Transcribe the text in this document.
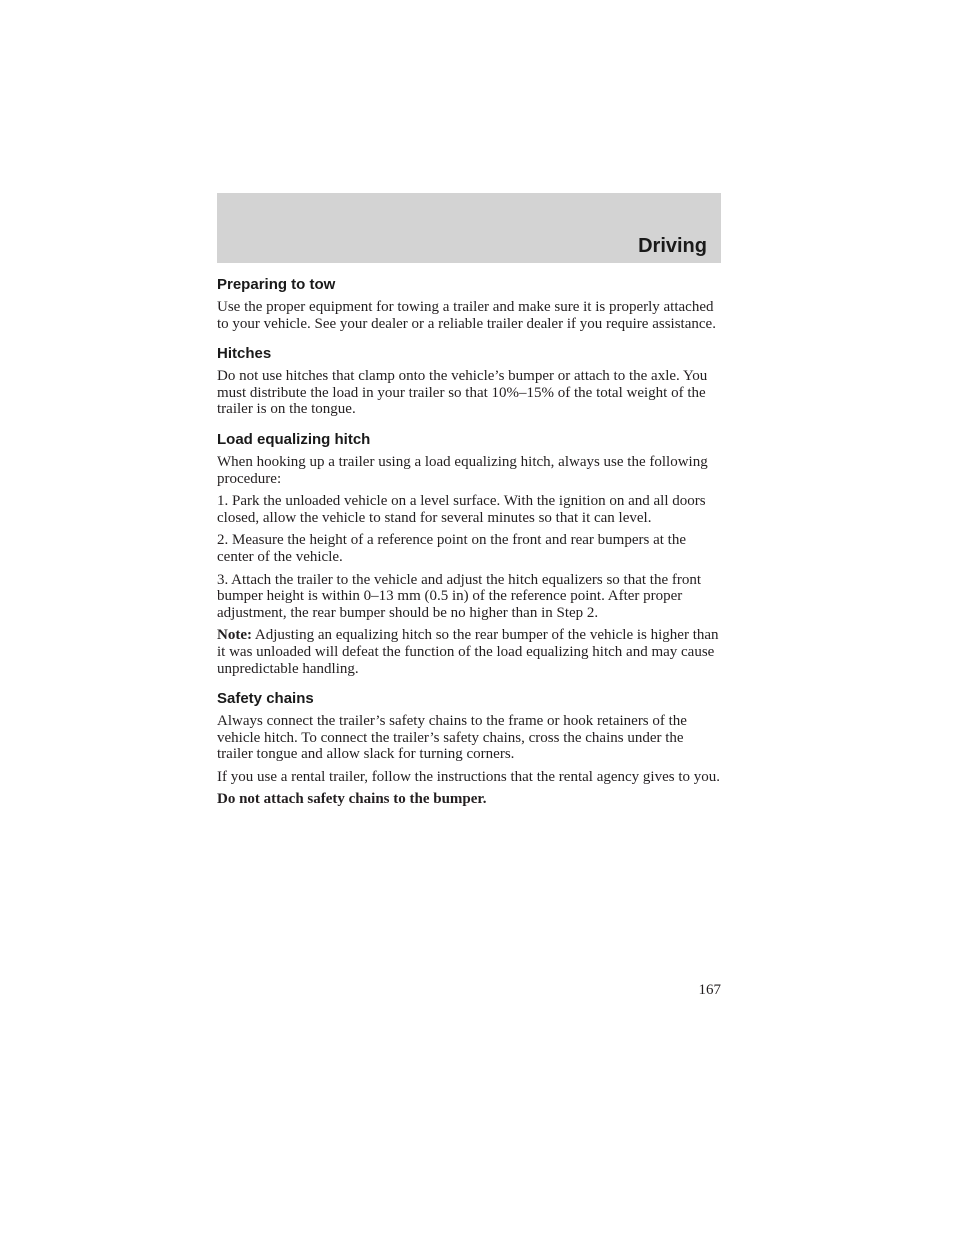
Driving
Preparing to tow

Use the proper equipment for towing a trailer and make sure it is properly attached to your vehicle. See your dealer or a reliable trailer dealer if you require assistance.

Hitches

Do not use hitches that clamp onto the vehicle’s bumper or attach to the axle. You must distribute the load in your trailer so that 10%–15% of the total weight of the trailer is on the tongue.

Load equalizing hitch

When hooking up a trailer using a load equalizing hitch, always use the following procedure:

1. Park the unloaded vehicle on a level surface. With the ignition on and all doors closed, allow the vehicle to stand for several minutes so that it can level.

2. Measure the height of a reference point on the front and rear bumpers at the center of the vehicle.

3. Attach the trailer to the vehicle and adjust the hitch equalizers so that the front bumper height is within 0–13 mm (0.5 in) of the reference point. After proper adjustment, the rear bumper should be no higher than in Step 2.

Note: Adjusting an equalizing hitch so the rear bumper of the vehicle is higher than it was unloaded will defeat the function of the load equalizing hitch and may cause unpredictable handling.

Safety chains

Always connect the trailer’s safety chains to the frame or hook retainers of the vehicle hitch. To connect the trailer’s safety chains, cross the chains under the trailer tongue and allow slack for turning corners.

If you use a rental trailer, follow the instructions that the rental agency gives to you.

Do not attach safety chains to the bumper.

167
